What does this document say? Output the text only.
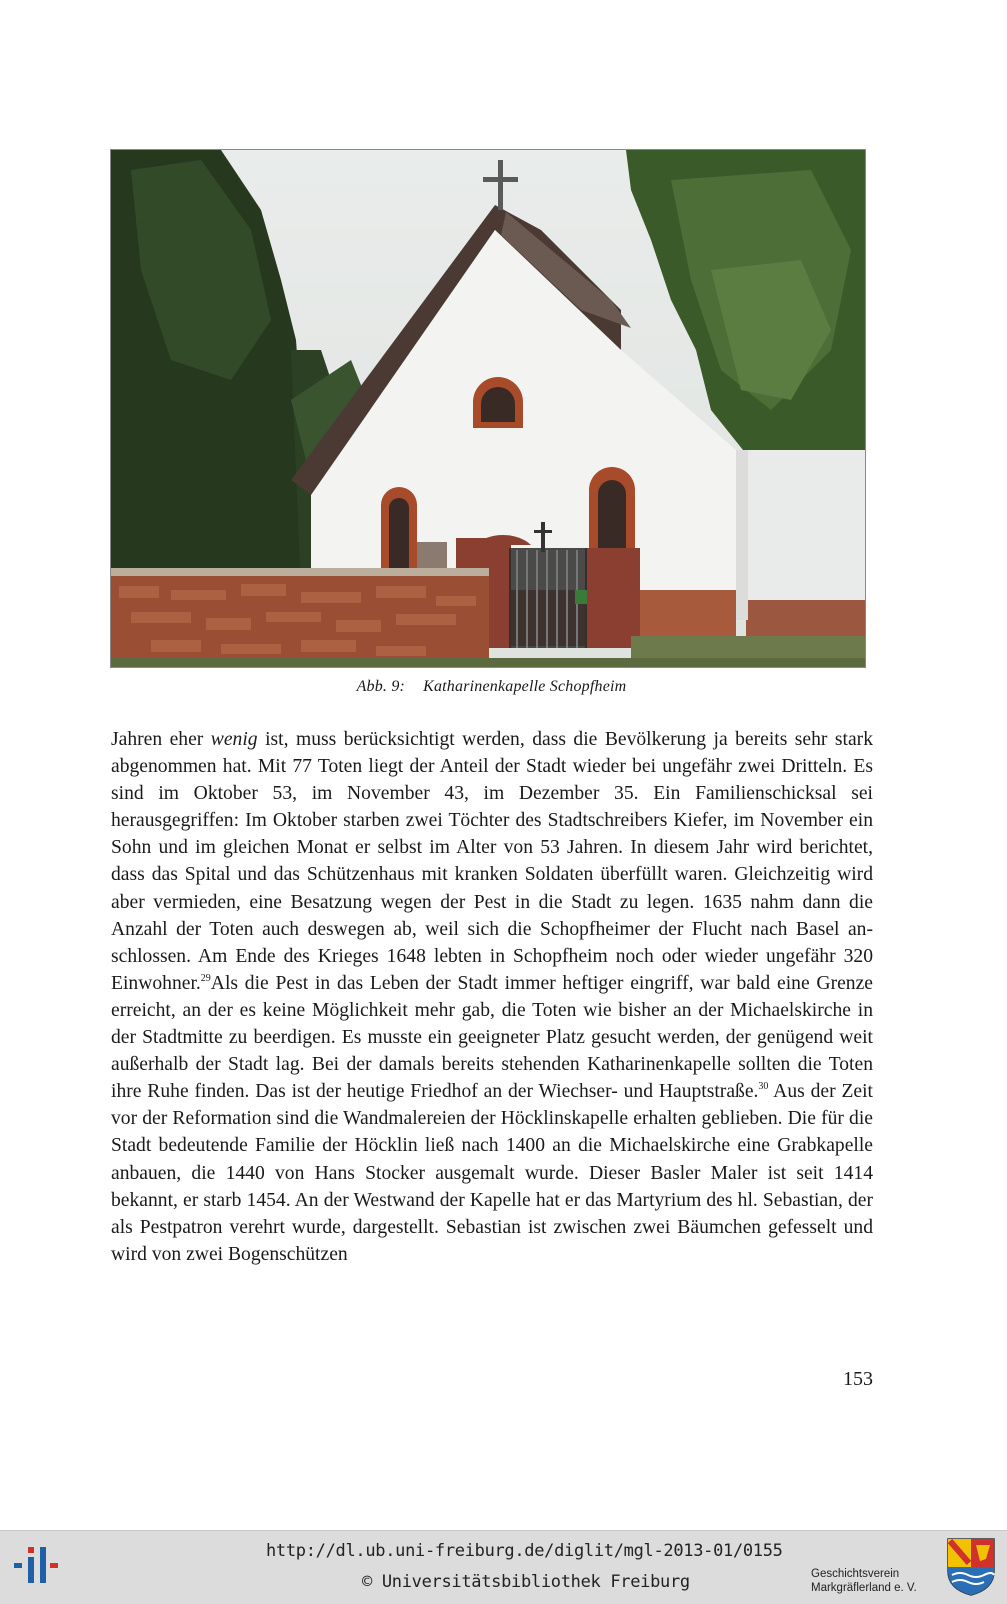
Abb. 9: Katharinenkapelle Schopfheim

Jahren eher wenig ist, muss berücksichtigt werden, dass die Bevölkerung ja bereits sehr stark abgenommen hat. Mit 77 Toten liegt der Anteil der Stadt wieder bei ungefähr zwei Dritteln. Es sind im Oktober 53, im November 43, im Dezember 35. Ein Familienschicksal sei herausgegriffen: Im Oktober starben zwei Töchter des Stadtschreibers Kiefer, im November ein Sohn und im gleichen Monat er selbst im Alter von 53 Jahren. In diesem Jahr wird berichtet, dass das Spital und das Schützenhaus mit kranken Soldaten überfüllt waren. Gleichzeitig wird aber vermieden, eine Besatzung wegen der Pest in die Stadt zu legen. 1635 nahm dann die Anzahl der Toten auch deswegen ab, weil sich die Schopfheimer der Flucht nach Basel anschlossen. Am Ende des Krieges 1648 lebten in Schopfheim noch oder wieder ungefähr 320 Einwohner.$^{29}$Als die Pest in das Leben der Stadt immer heftiger eingriff, war bald eine Grenze erreicht, an der es keine Möglichkeit mehr gab, die Toten wie bisher an der Michaelskirche in der Stadtmitte zu beerdigen. Es musste ein geeigneter Platz gesucht werden, der genügend weit außerhalb der Stadt lag. Bei der damals bereits stehenden Katharinenkapelle sollten die Toten ihre Ruhe finden. Das ist der heutige Friedhof an der Wiechser- und Hauptstraße.$^{30}$ Aus der Zeit vor der Reformation sind die Wandmalereien der Höcklinskapelle erhalten geblieben. Die für die Stadt bedeutende Familie der Höcklin ließ nach 1400 an die Michaelskirche eine Grabkapelle anbauen, die 1440 von Hans Stocker ausgemalt wurde. Dieser Basler Maler ist seit 1414 bekannt, er starb 1454. An der Westwand der Kapelle hat er das Martyrium des hl. Sebastian, der als Pestpatron verehrt wurde, dargestellt. Sebastian ist zwischen zwei Bäumchen gefesselt und wird von zwei Bogenschützen

153
http://dl.ub.uni-freiburg.de/diglit/mgl-2013-01/0155
© Universitätsbibliothek Freiburg	Geschichtsverein
Markgräflerland e. V.
